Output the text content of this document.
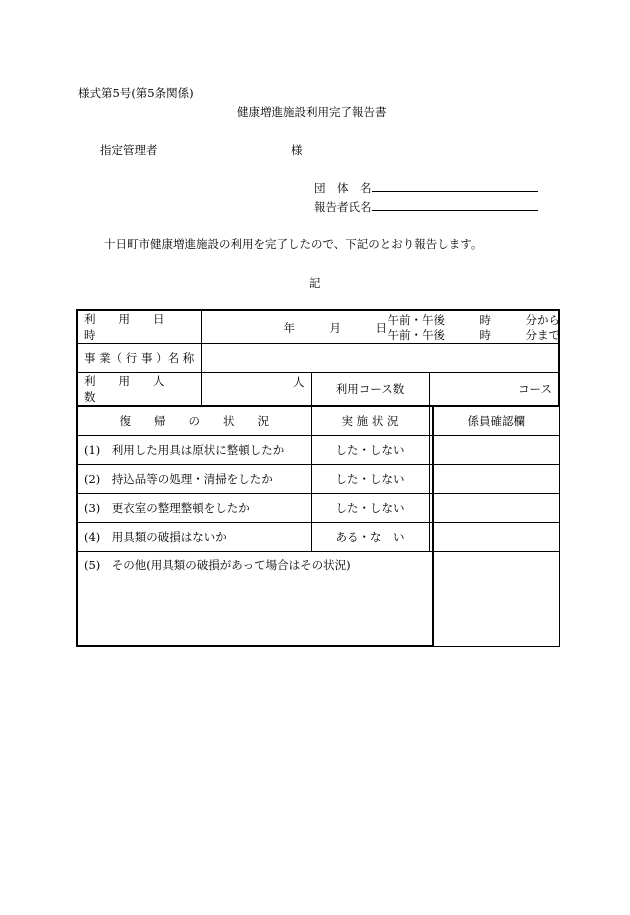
様式第5号(第5条関係)
健康増進施設利用完了報告書
指定管理者	様
団　体　名
報告者氏名
十日町市健康増進施設の利用を完了したので、下記のとおり報告します。
記
利　　用　　日　　時	年　　　月　　　日
午前・午後　　　時　　　分から
午前・午後　　　時　　　分まで			

事 業（ 行 事 ）名 称				
利　　用　　人　　数	人	利用コース数	コース	
復　　帰　　の　　状　　況		実 施 状 況		係員確認欄
(1)　利用した用具は原状に整頓したか		した・しない		
(2)　持込品等の処理・清掃をしたか		した・しない		
(3)　更衣室の整理整頓をしたか		した・しない		
(4)　用具類の破損はないか		ある・な　い		
(5)　その他(用具類の破損があって場合はその状況)				
